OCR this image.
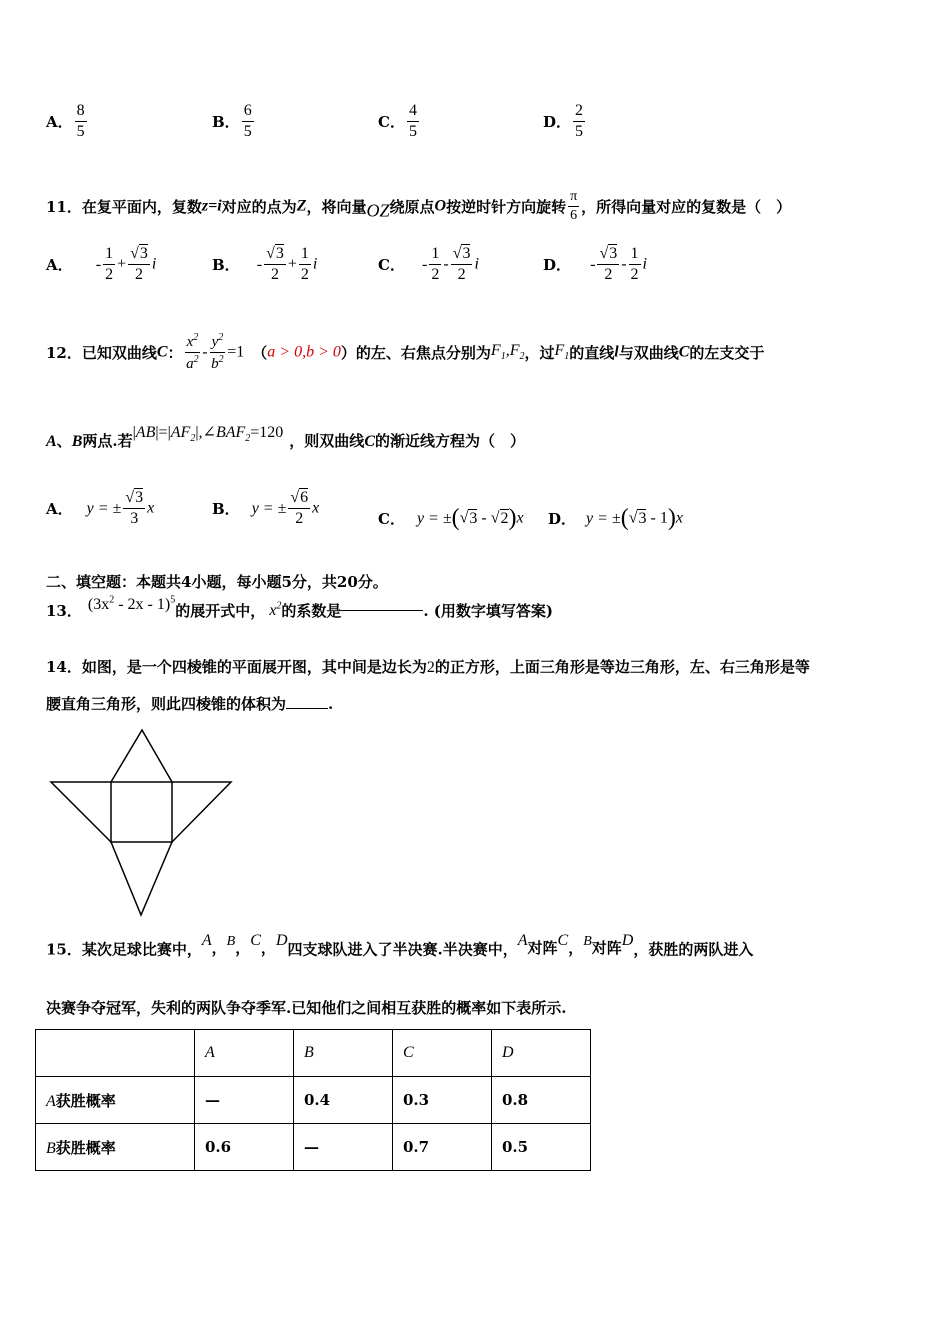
A． $\frac{8}{5}$	B． $\frac{6}{5}$	C． $\frac{4}{5}$	D． $\frac{2}{5}$
11．在复平面内，复数z=i对应的点为Z，将向量OZ绕原点O按逆时针方向旋转 $\frac{\pi}{6}$ ，所得向量对应的复数是（　）
A． - $\frac{1}{2} + \frac{√3}{2}$ i	B． - $\frac{√3}{2} + \frac{1}{2}$ i	C． - $\frac{1}{2} - \frac{√3}{2}$ i	D． - $\frac{√3}{2} - \frac{1}{2}$ i
12．已知双曲线C： $\frac{x^2}{a^2} - \frac{y^2}{b^2} =1$ （a > 0,b > 0）的左、右焦点分别为$F_1,F_2$，过$F_1$的直线l与双曲线C的左支交于
A、B两点.若$|AB|=|AF_2|,\angle BAF_2=120$ ，则双曲线C的渐近线方程为（　）
A． y = ± $\frac{√3}{3}$ x	B． y = ± $\frac{√6}{2}$ x
C． y = ±(√3 - √2)x D． y = ±(√3 - 1)x
二、填空题：本题共4小题，每小题5分，共20分。
13． $(3x^2 - 2x - 1)^5$的展开式中， $x^2$的系数是	. (用数字填写答案)
14．如图，是一个四棱锥的平面展开图，其中间是边长为2的正方形，上面三角形是等边三角形，左、右三角形是等
腰直角三角形，则此四棱锥的体积为	.
15．某次足球比赛中，A，B，C，D四支球队进入了半决赛.半决赛中，A对阵C，B对阵D，获胜的两队进入
决赛争夺冠军，失利的两队争夺季军.已知他们之间相互获胜的概率如下表所示.
	A	B	C	D
A获胜概率	—	0.4	0.3	0.8
B获胜概率	0.6	—	0.7	0.5
